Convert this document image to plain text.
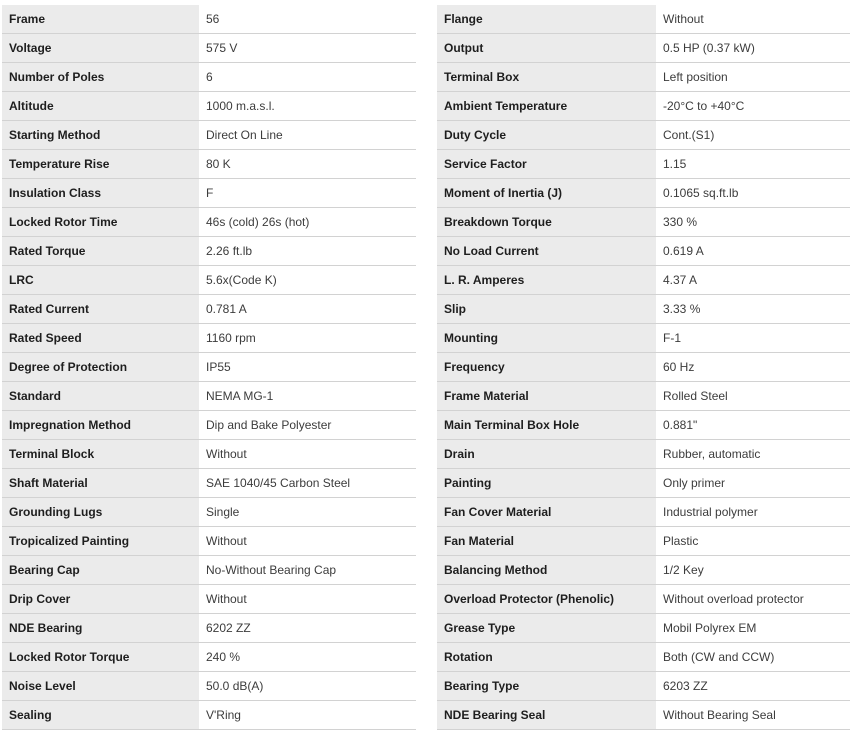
Frame	56
Voltage	575 V
Number of Poles	6
Altitude	1000 m.a.s.l.
Starting Method	Direct On Line
Temperature Rise	80 K
Insulation Class	F
Locked Rotor Time	46s (cold) 26s (hot)
Rated Torque	2.26 ft.lb
LRC	5.6x(Code K)
Rated Current	0.781 A
Rated Speed	1160 rpm
Degree of Protection	IP55
Standard	NEMA MG-1
Impregnation Method	Dip and Bake Polyester
Terminal Block	Without
Shaft Material	SAE 1040/45 Carbon Steel
Grounding Lugs	Single
Tropicalized Painting	Without
Bearing Cap	No-Without Bearing Cap
Drip Cover	Without
NDE Bearing	6202 ZZ
Locked Rotor Torque	240 %
Noise Level	50.0 dB(A)
Sealing	V'Ring
Flange	Without
Output	0.5 HP (0.37 kW)
Terminal Box	Left position
Ambient Temperature	-20°C to +40°C
Duty Cycle	Cont.(S1)
Service Factor	1.15
Moment of Inertia (J)	0.1065 sq.ft.lb
Breakdown Torque	330 %
No Load Current	0.619 A
L. R. Amperes	4.37 A
Slip	3.33 %
Mounting	F-1
Frequency	60 Hz
Frame Material	Rolled Steel
Main Terminal Box Hole	0.881"
Drain	Rubber, automatic
Painting	Only primer
Fan Cover Material	Industrial polymer
Fan Material	Plastic
Balancing Method	1/2 Key
Overload Protector (Phenolic)	Without overload protector
Grease Type	Mobil Polyrex EM
Rotation	Both (CW and CCW)
Bearing Type	6203 ZZ
NDE Bearing Seal	Without Bearing Seal
